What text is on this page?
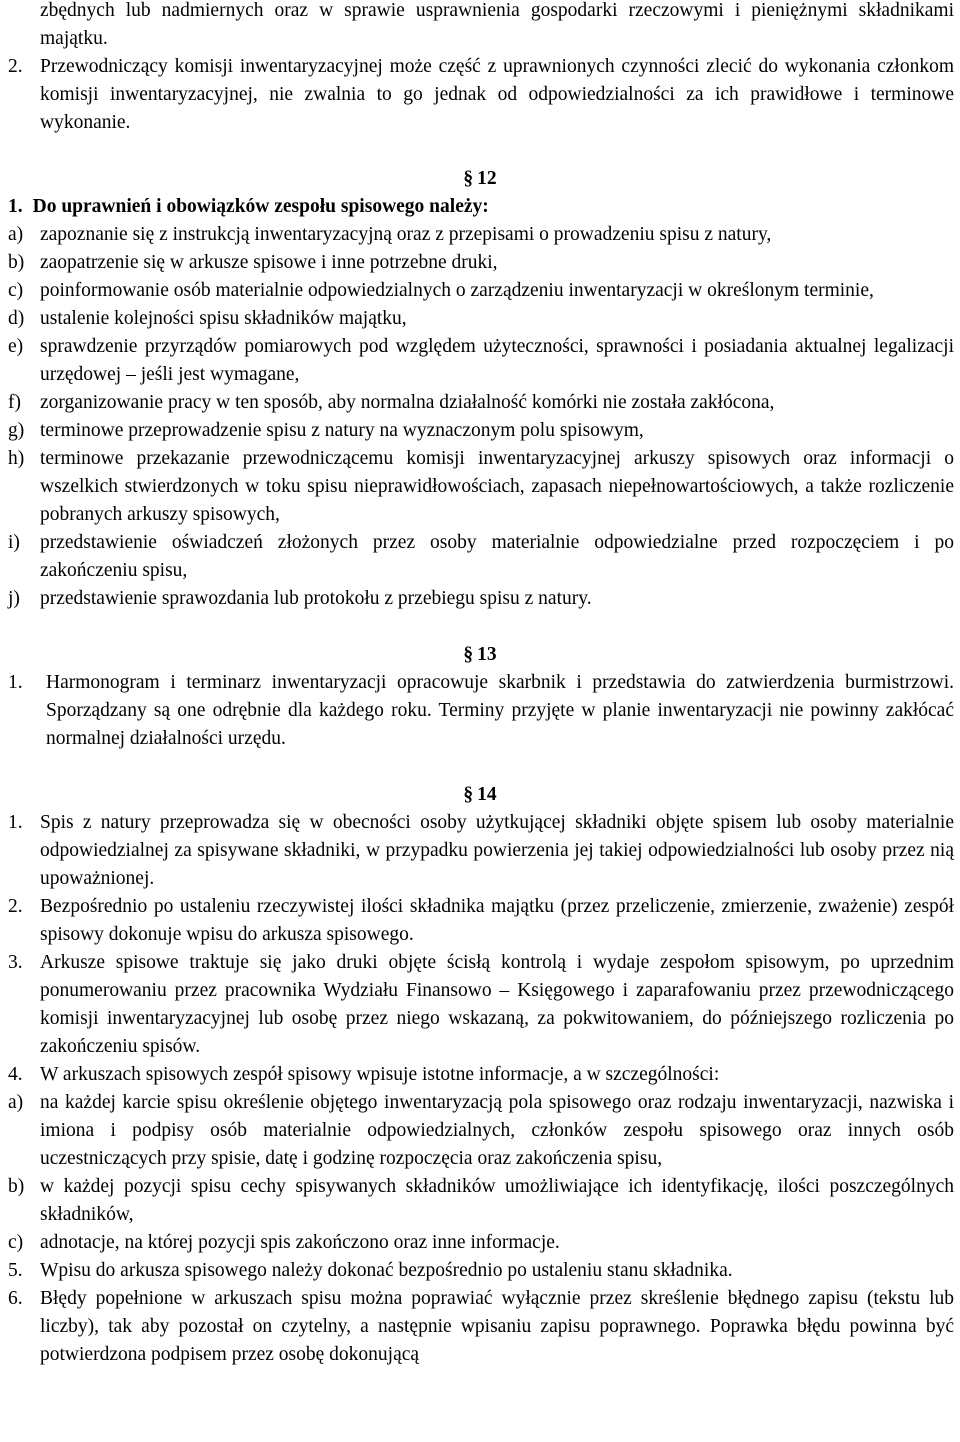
zbędnych lub nadmiernych oraz w sprawie usprawnienia gospodarki rzeczowymi i pieniężnymi składnikami majątku.

2. Przewodniczący komisji inwentaryzacyjnej może część z uprawnionych czynności zlecić do wykonania członkom komisji inwentaryzacyjnej, nie zwalnia to go jednak od odpowiedzialności za ich prawidłowe i terminowe wykonanie.

§ 12

1. Do uprawnień i obowiązków zespołu spisowego należy:

a) zapoznanie się z instrukcją inwentaryzacyjną oraz z przepisami o prowadzeniu spisu z natury,
b) zaopatrzenie się w arkusze spisowe i inne potrzebne druki,
c) poinformowanie osób materialnie odpowiedzialnych o zarządzeniu inwentaryzacji w określonym terminie,
d) ustalenie kolejności spisu składników majątku,
e) sprawdzenie przyrządów pomiarowych pod względem użyteczności, sprawności i posiadania aktualnej legalizacji urzędowej – jeśli jest wymagane,
f) zorganizowanie pracy w ten sposób, aby normalna działalność komórki nie została zakłócona,
g) terminowe przeprowadzenie spisu z natury na wyznaczonym polu spisowym,
h) terminowe przekazanie przewodniczącemu komisji inwentaryzacyjnej arkuszy spisowych oraz informacji o wszelkich stwierdzonych w toku spisu nieprawidłowościach, zapasach niepełnowartościowych, a także rozliczenie pobranych arkuszy spisowych,
i) przedstawienie oświadczeń złożonych przez osoby materialnie odpowiedzialne przed rozpoczęciem i po zakończeniu spisu,
j) przedstawienie sprawozdania lub protokołu z przebiegu spisu z natury.

§ 13

1. Harmonogram i terminarz inwentaryzacji opracowuje skarbnik i przedstawia do zatwierdzenia burmistrzowi. Sporządzany są one odrębnie dla każdego roku. Terminy przyjęte w planie inwentaryzacji nie powinny zakłócać normalnej działalności urzędu.

§ 14

1. Spis z natury przeprowadza się w obecności osoby użytkującej składniki objęte spisem lub osoby materialnie odpowiedzialnej za spisywane składniki, w przypadku powierzenia jej takiej odpowiedzialności lub osoby przez nią upoważnionej.
2. Bezpośrednio po ustaleniu rzeczywistej ilości składnika majątku (przez przeliczenie, zmierzenie, zważenie) zespół spisowy dokonuje wpisu do arkusza spisowego.
3. Arkusze spisowe traktuje się jako druki objęte ścisłą kontrolą i wydaje zespołom spisowym, po uprzednim ponumerowaniu przez pracownika Wydziału Finansowo – Księgowego i zaparafowaniu przez przewodniczącego komisji inwentaryzacyjnej lub osobę przez niego wskazaną, za pokwitowaniem, do późniejszego rozliczenia po zakończeniu spisów.
4. W arkuszach spisowych zespół spisowy wpisuje istotne informacje, a w szczególności:
a) na każdej karcie spisu określenie objętego inwentaryzacją pola spisowego oraz rodzaju inwentaryzacji, nazwiska i imiona i podpisy osób materialnie odpowiedzialnych, członków zespołu spisowego oraz innych osób uczestniczących przy spisie, datę i godzinę rozpoczęcia oraz zakończenia spisu,
b) w każdej pozycji spisu cechy spisywanych składników umożliwiające ich identyfikację, ilości poszczególnych składników,
c) adnotacje, na której pozycji spis zakończono oraz inne informacje.
5. Wpisu do arkusza spisowego należy dokonać bezpośrednio po ustaleniu stanu składnika.
6. Błędy popełnione w arkuszach spisu można poprawiać wyłącznie przez skreślenie błędnego zapisu (tekstu lub liczby), tak aby pozostał on czytelny, a następnie wpisaniu zapisu poprawnego. Poprawka błędu powinna być potwierdzona podpisem przez osobę dokonującą
